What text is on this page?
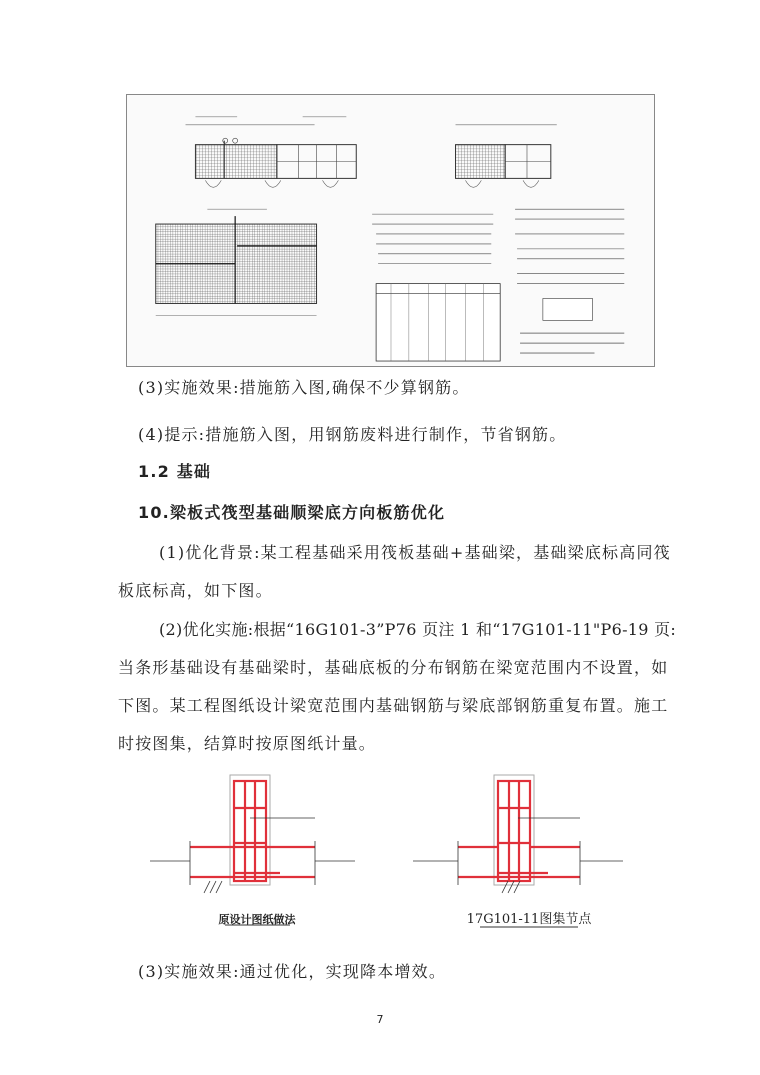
(3)实施效果:措施筋入图,确保不少算钢筋。
(4)提示:措施筋入图，用钢筋废料进行制作，节省钢筋。
1.2 基础
10.梁板式筏型基础顺梁底方向板筋优化
(1)优化背景:某工程基础采用筏板基础+基础梁，基础梁底标高同筏
板底标高，如下图。
(2)优化实施:根据“16G101-3”P76 页注 1 和“17G101-11"P6-19 页:
当条形基础设有基础梁时，基础底板的分布钢筋在梁宽范围内不设置，如
下图。某工程图纸设计梁宽范围内基础钢筋与梁底部钢筋重复布置。施工
时按图集，结算时按原图纸计量。
原设计图纸做法	17G101-11图集节点
(3)实施效果:通过优化，实现降本增效。
7
